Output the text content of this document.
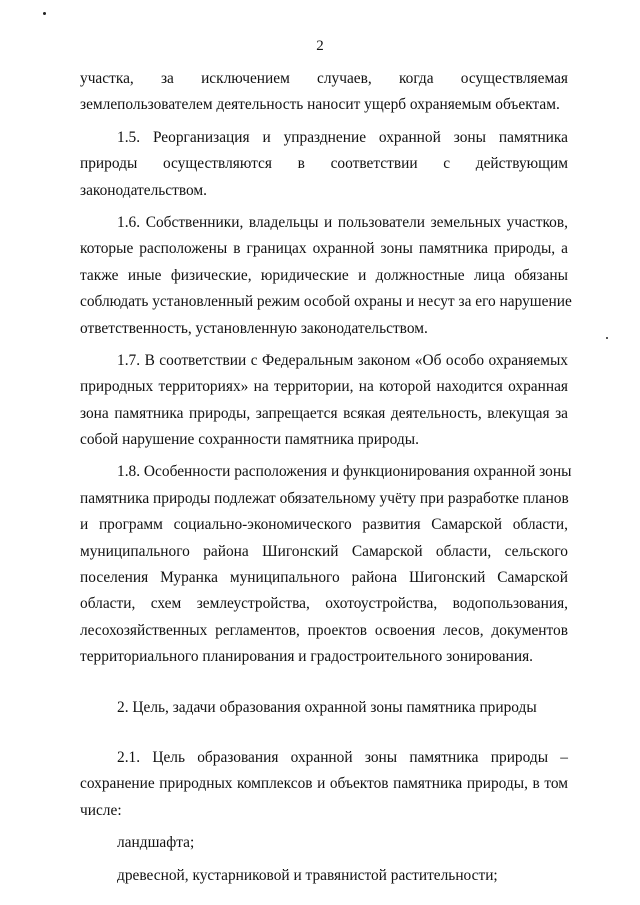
2
участка, за исключением случаев, когда осуществляемая
землепользователем деятельность наносит ущерб охраняемым объектам.
1.5. Реорганизация и упразднение охранной зоны памятника
природы осуществляются в соответствии с действующим
законодательством.
1.6. Собственники, владельцы и пользователи земельных участков,
которые расположены в границах охранной зоны памятника природы, а
также иные физические, юридические и должностные лица обязаны
соблюдать установленный режим особой охраны и несут за его нарушение
ответственность, установленную законодательством.
1.7. В соответствии с Федеральным законом «Об особо охраняемых
природных территориях» на территории, на которой находится охранная
зона памятника природы, запрещается всякая деятельность, влекущая за
собой нарушение сохранности памятника природы.
1.8. Особенности расположения и функционирования охранной зоны
памятника природы подлежат обязательному учёту при разработке планов
и программ социально-экономического развития Самарской области,
муниципального района Шигонский Самарской области, сельского
поселения Муранка муниципального района Шигонский Самарской
области, схем землеустройства, охотоустройства, водопользования,
лесохозяйственных регламентов, проектов освоения лесов, документов
территориального планирования и градостроительного зонирования.
2. Цель, задачи образования охранной зоны памятника природы
2.1. Цель образования охранной зоны памятника природы –
сохранение природных комплексов и объектов памятника природы, в том
числе:
ландшафта;
древесной, кустарниковой и травянистой растительности;
